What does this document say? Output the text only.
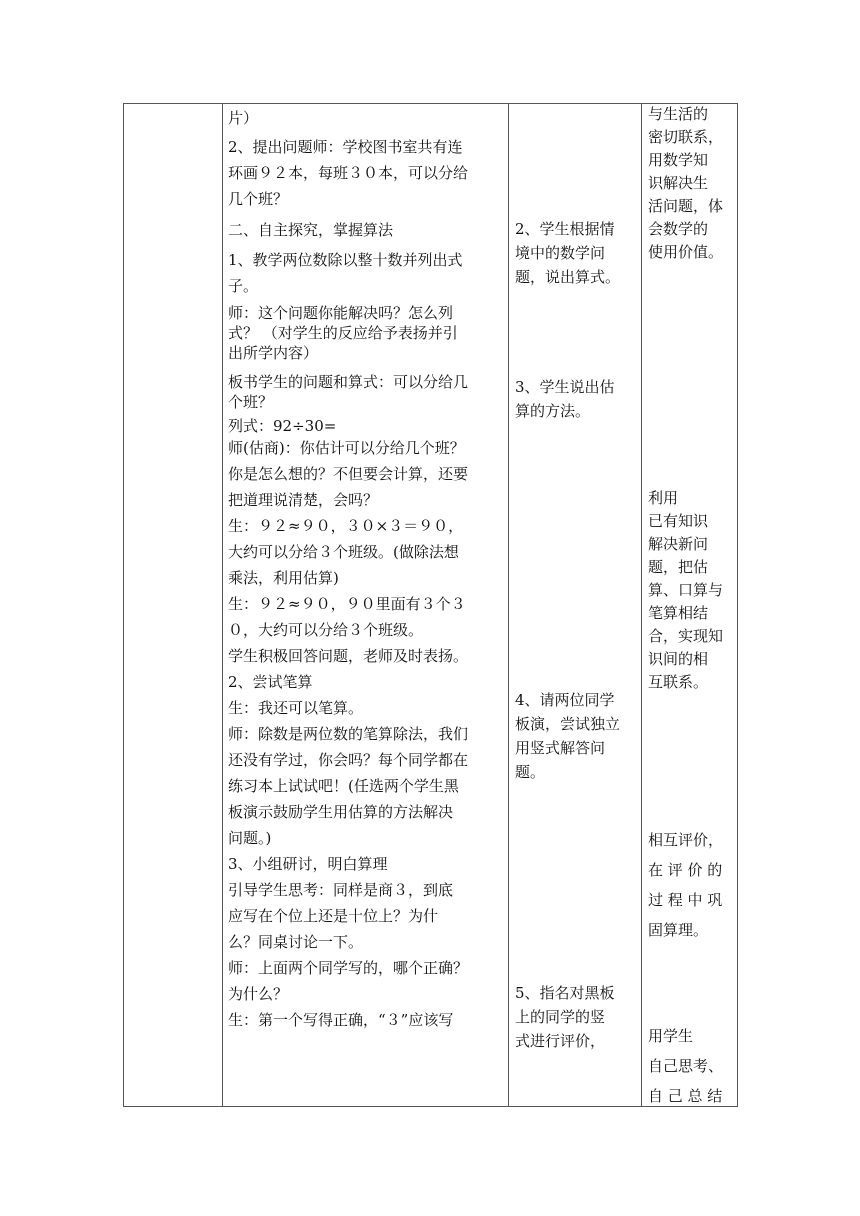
片）
2、提出问题师：学校图书室共有连
环画９２本，每班３０本，可以分给
几个班？
二、自主探究，掌握算法
1、教学两位数除以整十数并列出式
子。
师：这个问题你能解决吗？怎么列
式？ （对学生的反应给予表扬并引
出所学内容）
板书学生的问题和算式：可以分给几
个班？
列式：92÷30=
师(估商)：你估计可以分给几个班？
你是怎么想的？不但要会计算，还要
把道理说清楚，会吗？
生：９２≈９０，３０×３＝９０，
大约可以分给３个班级。(做除法想
乘法，利用估算)
生：９２≈９０，９０里面有３个３
０，大约可以分给３个班级。
学生积极回答问题，老师及时表扬。
2、尝试笔算
生：我还可以笔算。
师：除数是两位数的笔算除法，我们
还没有学过，你会吗？每个同学都在
练习本上试试吧！(任选两个学生黑
板演示鼓励学生用估算的方法解决
问题。)
3、小组研讨，明白算理
引导学生思考：同样是商３，到底
应写在个位上还是十位上？为什
么？同桌讨论一下。
师：上面两个同学写的，哪个正确？
为什么？
生：第一个写得正确，“３”应该写
2、学生根据情
境中的数学问
题，说出算式。
3、学生说出估
算的方法。
4、请两位同学
板演，尝试独立
用竖式解答问
题。
5、指名对黑板
上的同学的竖
式进行评价，
与生活的
密切联系，
用数学知
识解决生
活问题，体
会数学的
使用价值。
利用
已有知识
解决新问
题，把估
算、口算与
笔算相结
合，实现知
识间的相
互联系。
相互评价，
在 评 价 的
过 程 中 巩
固算理。
用学生
自己思考、
自 己 总 结
